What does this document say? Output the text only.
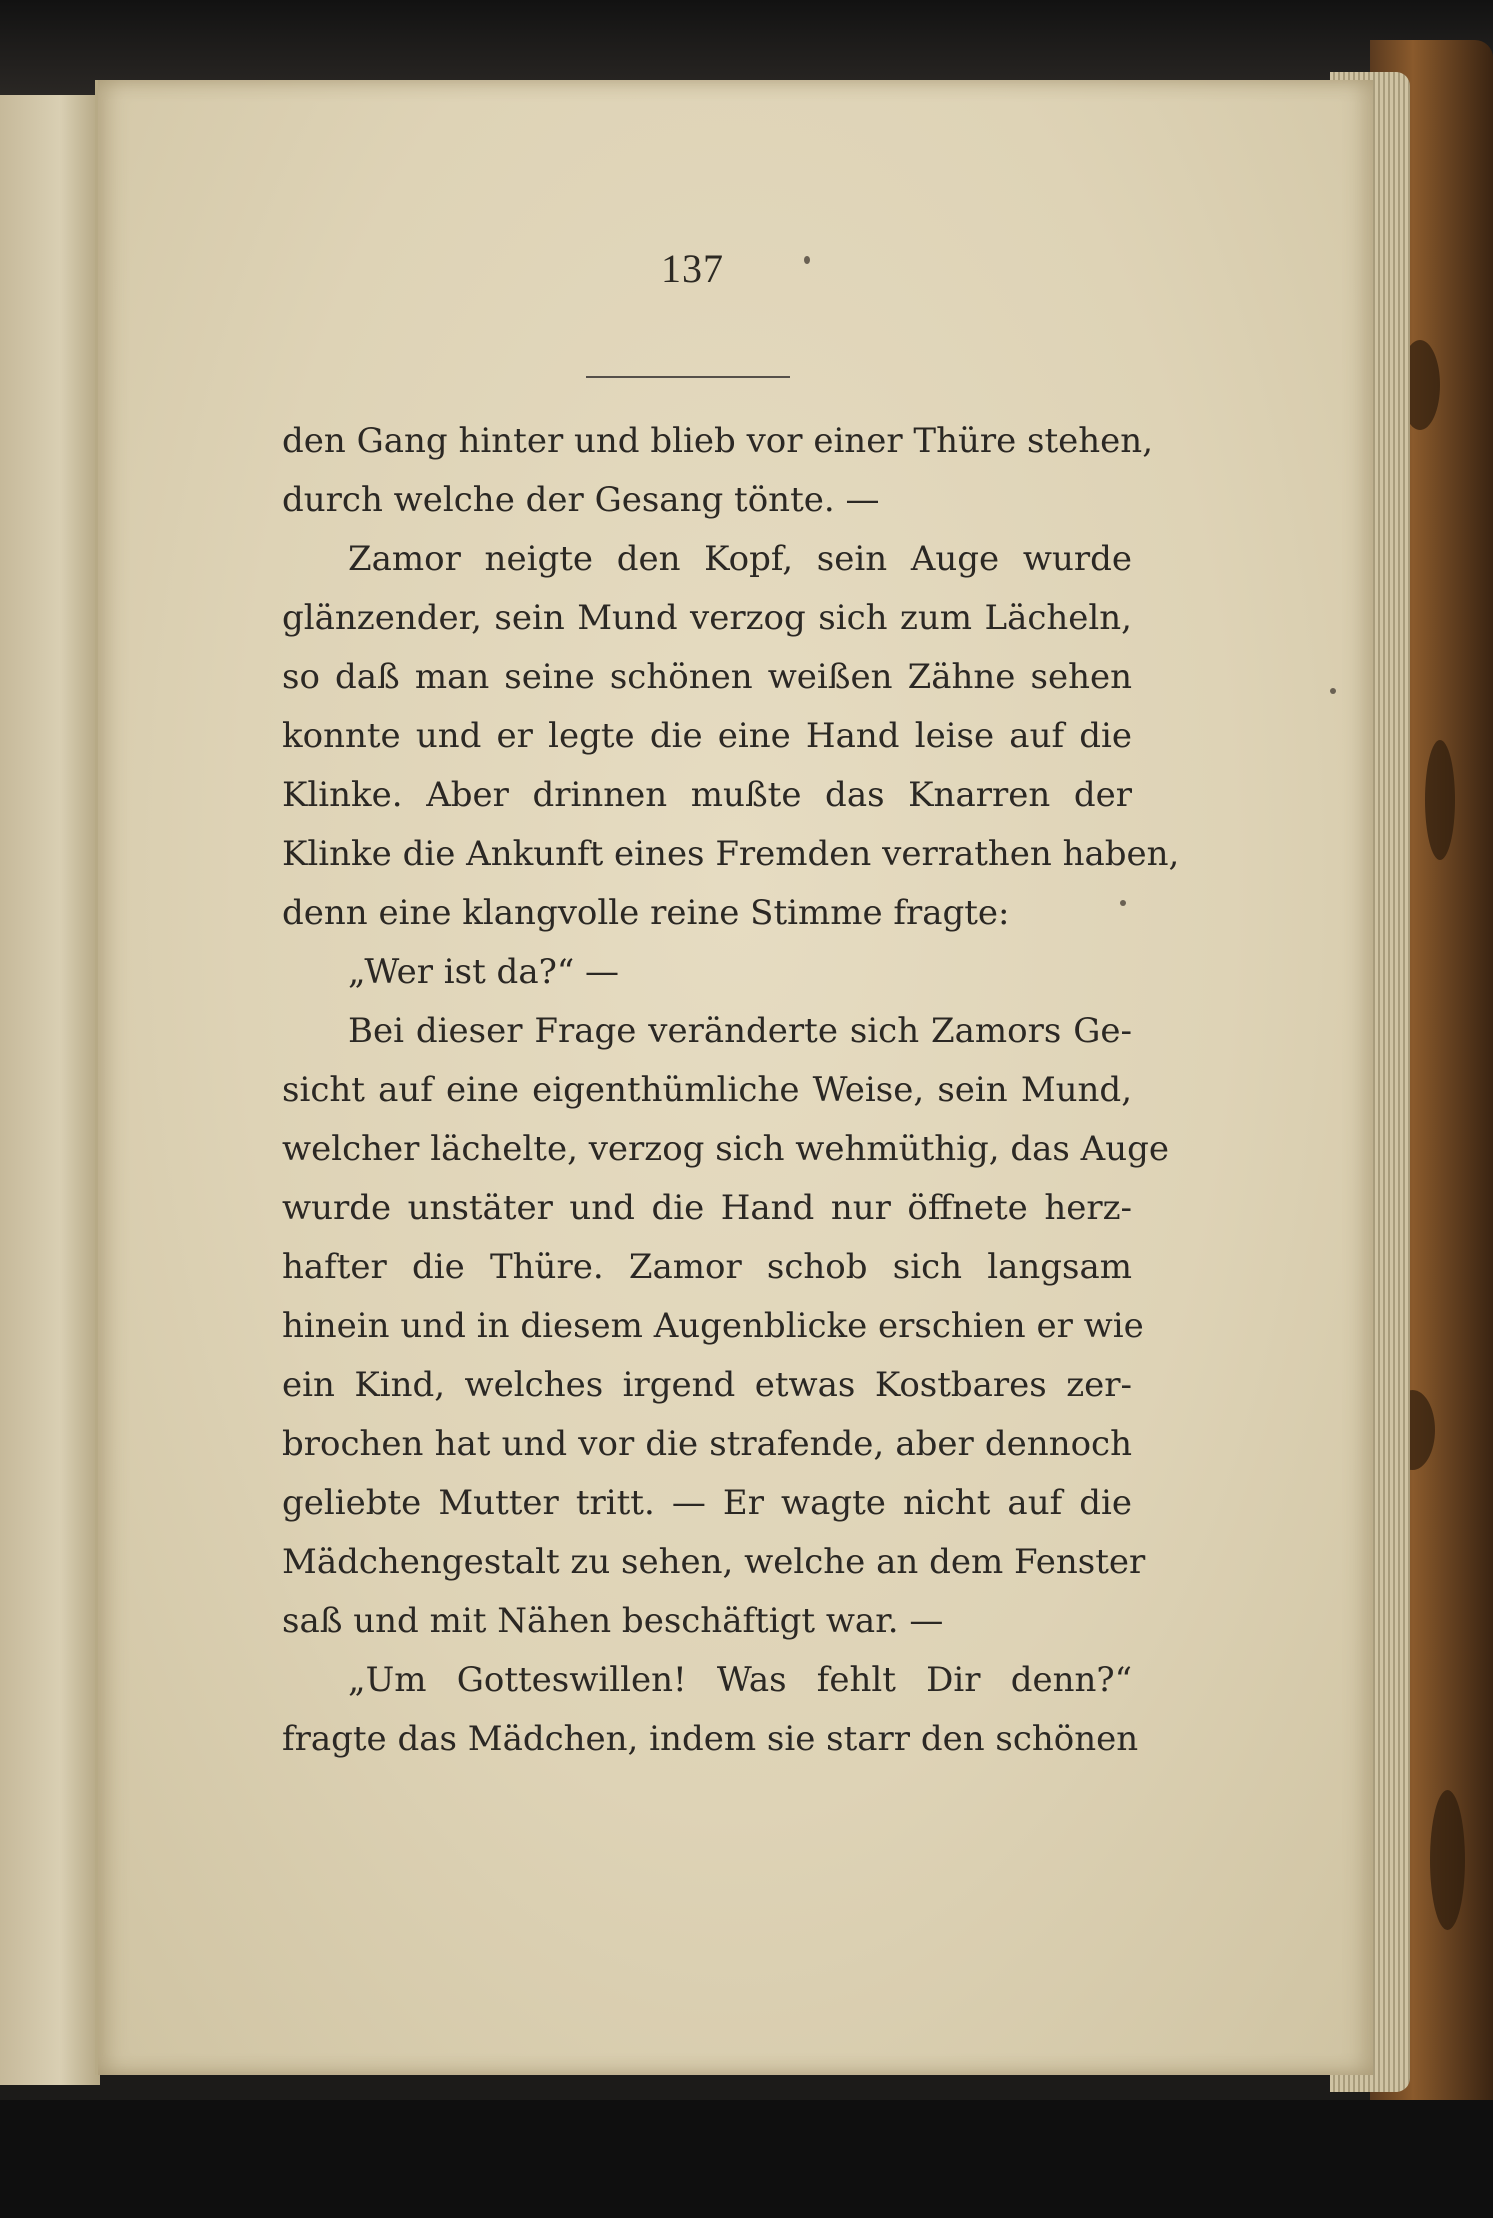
137
den Gang hinter und blieb vor einer Thüre stehen,
durch welche der Gesang tönte. —
Zamor neigte den Kopf, sein Auge wurde
glänzender, sein Mund verzog sich zum Lächeln,
so daß man seine schönen weißen Zähne sehen
konnte und er legte die eine Hand leise auf die
Klinke. Aber drinnen mußte das Knarren der
Klinke die Ankunft eines Fremden verrathen haben,
denn eine klangvolle reine Stimme fragte:
„Wer ist da?“ —
Bei dieser Frage veränderte sich Zamors Ge-
sicht auf eine eigenthümliche Weise, sein Mund,
welcher lächelte, verzog sich wehmüthig, das Auge
wurde unstäter und die Hand nur öffnete herz-
hafter die Thüre. Zamor schob sich langsam
hinein und in diesem Augenblicke erschien er wie
ein Kind, welches irgend etwas Kostbares zer-
brochen hat und vor die strafende, aber dennoch
geliebte Mutter tritt. — Er wagte nicht auf die
Mädchengestalt zu sehen, welche an dem Fenster
saß und mit Nähen beschäftigt war. —
„Um Gotteswillen! Was fehlt Dir denn?“
fragte das Mädchen, indem sie starr den schönen
